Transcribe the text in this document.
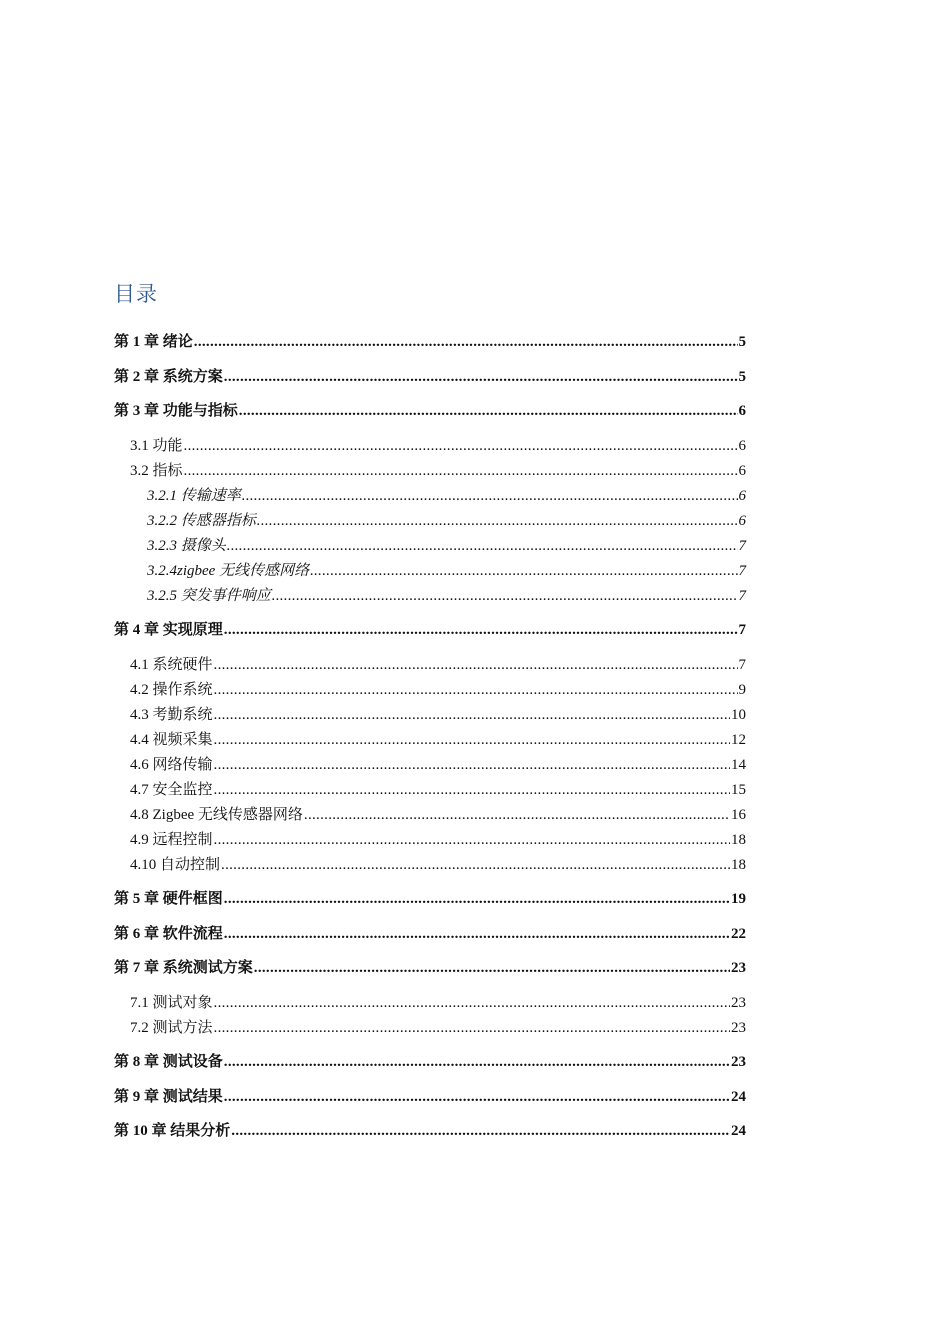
目录
第 1 章 绪论 .....	5
第 2 章 系统方案 .....	5
第 3 章 功能与指标 .....	6
3.1 功能 .....	6
3.2 指标 .....	6
3.2.1 传输速率 .....	6
3.2.2 传感器指标 .....	6
3.2.3 摄像头 .....	7
3.2.4zigbee 无线传感网络 .....	7
3.2.5 突发事件响应 .....	7
第 4 章 实现原理 .....	7
4.1 系统硬件 .....	7
4.2 操作系统 .....	9
4.3 考勤系统 .....	10
4.4 视频采集 .....	12
4.6 网络传输 .....	14
4.7 安全监控 .....	15
4.8 Zigbee 无线传感器网络 .....	16
4.9 远程控制 .....	18
4.10 自动控制 .....	18
第 5 章 硬件框图 .....	19
第 6 章 软件流程 .....	22
第 7 章 系统测试方案 .....	23
7.1 测试对象 .....	23
7.2 测试方法 .....	23
第 8 章 测试设备 .....	23
第 9 章 测试结果 .....	24
第 10 章 结果分析 .....	24
